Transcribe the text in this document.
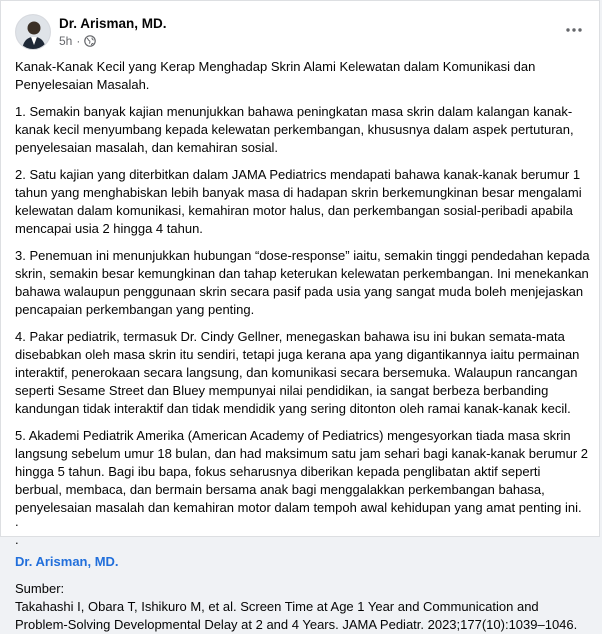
Dr. Arisman, MD.
5h ·

Kanak-Kanak Kecil yang Kerap Menghadap Skrin Alami Kelewatan dalam Komunikasi dan Penyelesaian Masalah.

1. Semakin banyak kajian menunjukkan bahawa peningkatan masa skrin dalam kalangan kanak-kanak kecil menyumbang kepada kelewatan perkembangan, khususnya dalam aspek pertuturan, penyelesaian masalah, dan kemahiran sosial.

2. Satu kajian yang diterbitkan dalam JAMA Pediatrics mendapati bahawa kanak-kanak berumur 1 tahun yang menghabiskan lebih banyak masa di hadapan skrin berkemungkinan besar mengalami kelewatan dalam komunikasi, kemahiran motor halus, dan perkembangan sosial-peribadi apabila mencapai usia 2 hingga 4 tahun.

3. Penemuan ini menunjukkan hubungan “dose-response” iaitu, semakin tinggi pendedahan kepada skrin, semakin besar kemungkinan dan tahap keterukan kelewatan perkembangan. Ini menekankan bahawa walaupun penggunaan skrin secara pasif pada usia yang sangat muda boleh menjejaskan pencapaian perkembangan yang penting.

4. Pakar pediatrik, termasuk Dr. Cindy Gellner, menegaskan bahawa isu ini bukan semata-mata disebabkan oleh masa skrin itu sendiri, tetapi juga kerana apa yang digantikannya iaitu permainan interaktif, penerokaan secara langsung, dan komunikasi secara bersemuka. Walaupun rancangan seperti Sesame Street dan Bluey mempunyai nilai pendidikan, ia sangat berbeza berbanding kandungan tidak interaktif dan tidak mendidik yang sering ditonton oleh ramai kanak-kanak kecil.

5. Akademi Pediatrik Amerika (American Academy of Pediatrics) mengesyorkan tiada masa skrin langsung sebelum umur 18 bulan, dan had maksimum satu jam sehari bagi kanak-kanak berumur 2 hingga 5 tahun. Bagi ibu bapa, fokus seharusnya diberikan kepada penglibatan aktif seperti berbual, membaca, dan bermain bersama anak bagi menggalakkan perkembangan bahasa, penyelesaian masalah dan kemahiran motor dalam tempoh awal kehidupan yang amat penting ini.

.

.

Dr. Arisman, MD.

Sumber:

Takahashi I, Obara T, Ishikuro M, et al. Screen Time at Age 1 Year and Communication and Problem-Solving Developmental Delay at 2 and 4 Years. JAMA Pediatr. 2023;177(10):1039–1046.
